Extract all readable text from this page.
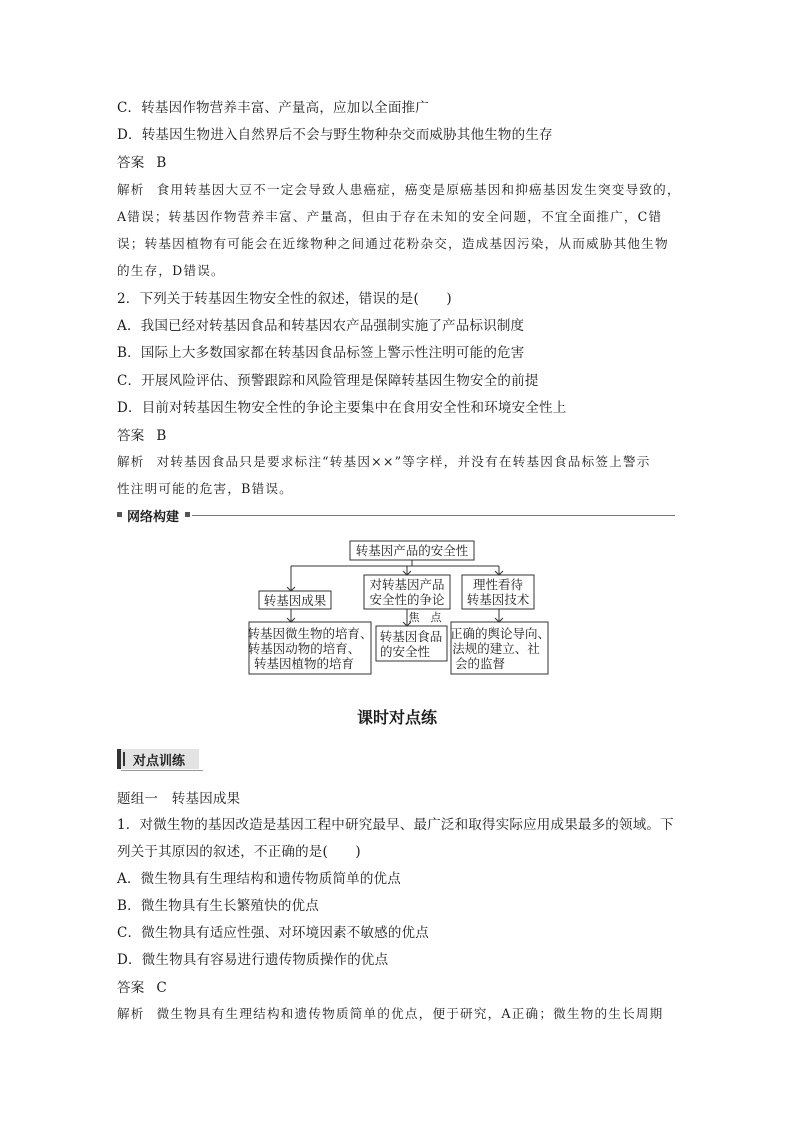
C．转基因作物营养丰富、产量高，应加以全面推广
D．转基因生物进入自然界后不会与野生物种杂交而威胁其他生物的生存
答案 B
解析 食用转基因大豆不一定会导致人患癌症，癌变是原癌基因和抑癌基因发生突变导致的，
A错误；转基因作物营养丰富、产量高，但由于存在未知的安全问题，不宜全面推广，C错
误；转基因植物有可能会在近缘物种之间通过花粉杂交，造成基因污染，从而威胁其他生物
的生存，D错误。
2．下列关于转基因生物安全性的叙述，错误的是(　　)
A．我国已经对转基因食品和转基因农产品强制实施了产品标识制度
B．国际上大多数国家都在转基因食品标签上警示性注明可能的危害
C．开展风险评估、预警跟踪和风险管理是保障转基因生物安全的前提
D．目前对转基因生物安全性的争论主要集中在食用安全性和环境安全性上
答案 B
解析 对转基因食品只是要求标注“转基因××”等字样，并没有在转基因食品标签上警示
性注明可能的危害，B错误。
网络构建
转基因产品的安全性
转基因成果
转基因微生物的培育、
转基因动物的培育、
转基因植物的培育
对转基因产品
安全性的争论
焦　点
转基因食品
的安全性
理性看待
转基因技术
正确的舆论导向、
法规的建立、社
会的监督
课时对点练
对点训练
题组一　转基因成果
1．对微生物的基因改造是基因工程中研究最早、最广泛和取得实际应用成果最多的领域。下
列关于其原因的叙述，不正确的是(　　)
A．微生物具有生理结构和遗传物质简单的优点
B．微生物具有生长繁殖快的优点
C．微生物具有适应性强、对环境因素不敏感的优点
D．微生物具有容易进行遗传物质操作的优点
答案 C
解析 微生物具有生理结构和遗传物质简单的优点，便于研究，A正确；微生物的生长周期
